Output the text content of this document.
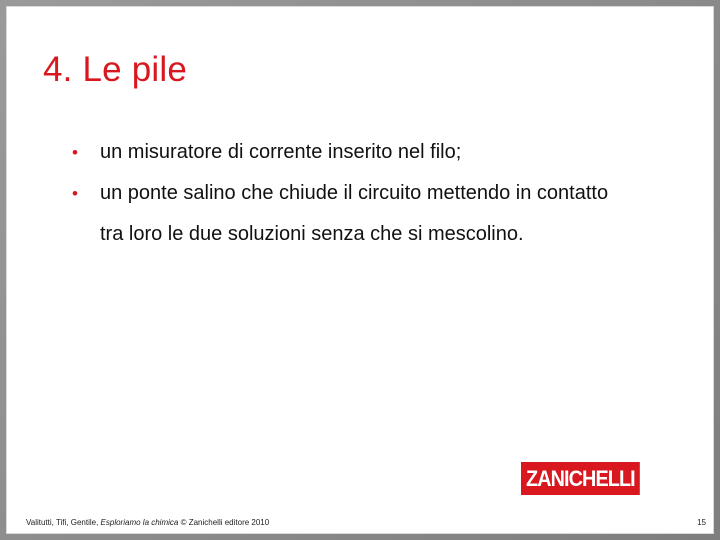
4. Le pile
• un misuratore di corrente inserito nel filo;
• un ponte salino che chiude il circuito mettendo in contatto tra loro le due soluzioni senza che si mescolino.
ZANICHELLI
Valitutti, Tifi, Gentile, Esploriamo la chimica © Zanichelli editore 2010	15
